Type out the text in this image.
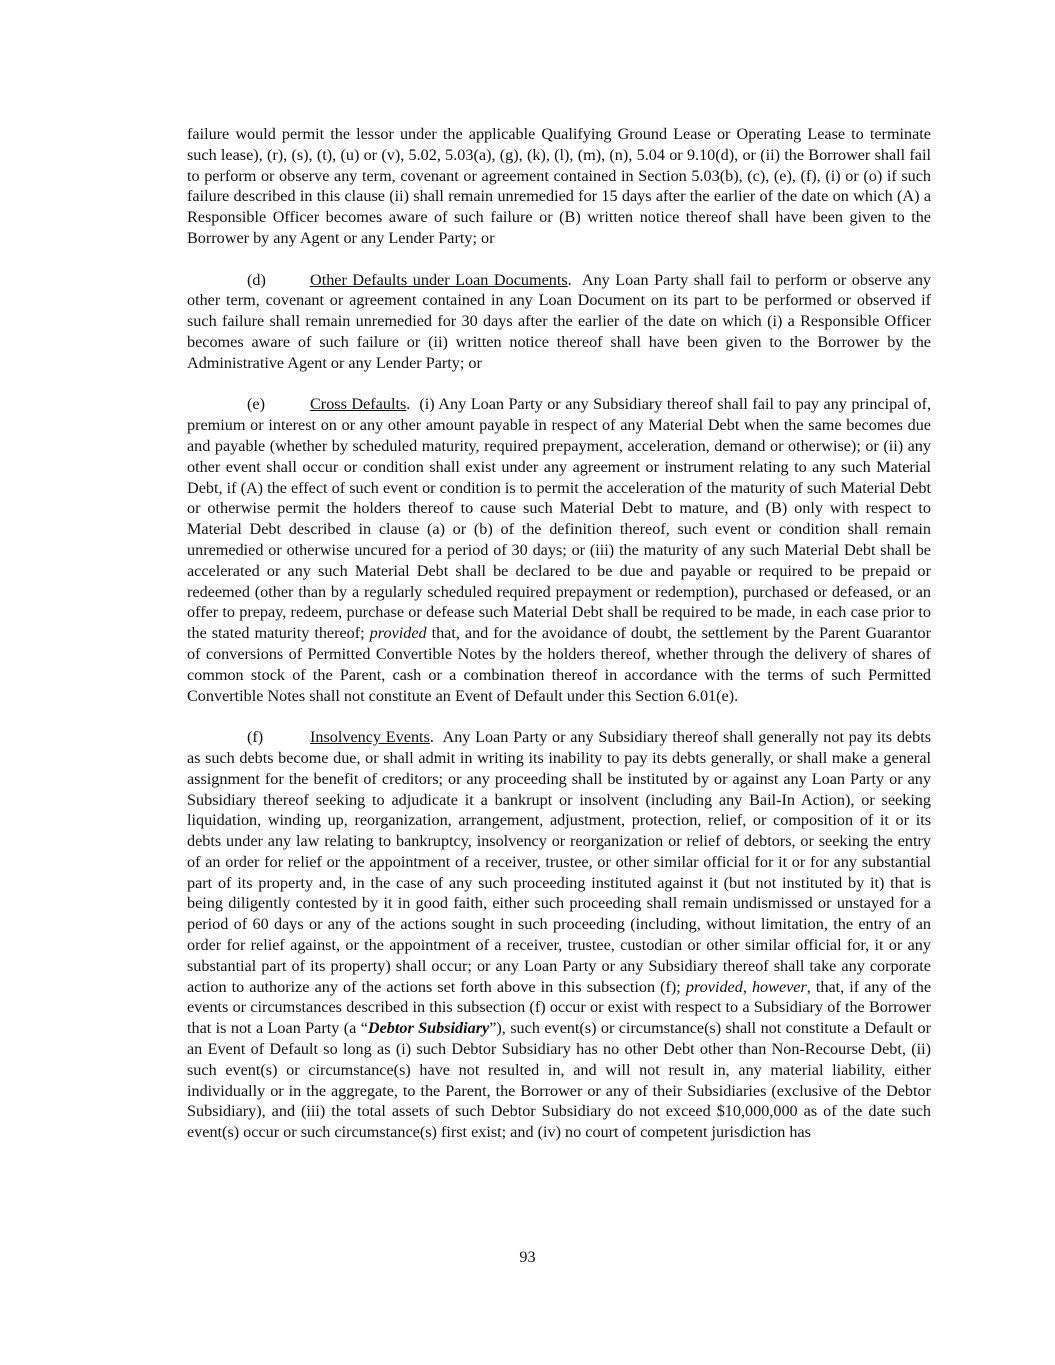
failure would permit the lessor under the applicable Qualifying Ground Lease or Operating Lease to terminate such lease), (r), (s), (t), (u) or (v), 5.02, 5.03(a), (g), (k), (l), (m), (n), 5.04 or 9.10(d), or (ii) the Borrower shall fail to perform or observe any term, covenant or agreement contained in Section 5.03(b), (c), (e), (f), (i) or (o) if such failure described in this clause (ii) shall remain unremedied for 15 days after the earlier of the date on which (A) a Responsible Officer becomes aware of such failure or (B) written notice thereof shall have been given to the Borrower by any Agent or any Lender Party; or

(d)	Other Defaults under Loan Documents.  Any Loan Party shall fail to perform or observe any other term, covenant or agreement contained in any Loan Document on its part to be performed or observed if such failure shall remain unremedied for 30 days after the earlier of the date on which (i) a Responsible Officer becomes aware of such failure or (ii) written notice thereof shall have been given to the Borrower by the Administrative Agent or any Lender Party; or

(e)	Cross Defaults.  (i) Any Loan Party or any Subsidiary thereof shall fail to pay any principal of, premium or interest on or any other amount payable in respect of any Material Debt when the same becomes due and payable (whether by scheduled maturity, required prepayment, acceleration, demand or otherwise); or (ii) any other event shall occur or condition shall exist under any agreement or instrument relating to any such Material Debt, if (A) the effect of such event or condition is to permit the acceleration of the maturity of such Material Debt or otherwise permit the holders thereof to cause such Material Debt to mature, and (B) only with respect to Material Debt described in clause (a) or (b) of the definition thereof, such event or condition shall remain unremedied or otherwise uncured for a period of 30 days; or (iii) the maturity of any such Material Debt shall be accelerated or any such Material Debt shall be declared to be due and payable or required to be prepaid or redeemed (other than by a regularly scheduled required prepayment or redemption), purchased or defeased, or an offer to prepay, redeem, purchase or defease such Material Debt shall be required to be made, in each case prior to the stated maturity thereof; provided that, and for the avoidance of doubt, the settlement by the Parent Guarantor of conversions of Permitted Convertible Notes by the holders thereof, whether through the delivery of shares of common stock of the Parent, cash or a combination thereof in accordance with the terms of such Permitted Convertible Notes shall not constitute an Event of Default under this Section 6.01(e).

(f)	Insolvency Events.  Any Loan Party or any Subsidiary thereof shall generally not pay its debts as such debts become due, or shall admit in writing its inability to pay its debts generally, or shall make a general assignment for the benefit of creditors; or any proceeding shall be instituted by or against any Loan Party or any Subsidiary thereof seeking to adjudicate it a bankrupt or insolvent (including any Bail-In Action), or seeking liquidation, winding up, reorganization, arrangement, adjustment, protection, relief, or composition of it or its debts under any law relating to bankruptcy, insolvency or reorganization or relief of debtors, or seeking the entry of an order for relief or the appointment of a receiver, trustee, or other similar official for it or for any substantial part of its property and, in the case of any such proceeding instituted against it (but not instituted by it) that is being diligently contested by it in good faith, either such proceeding shall remain undismissed or unstayed for a period of 60 days or any of the actions sought in such proceeding (including, without limitation, the entry of an order for relief against, or the appointment of a receiver, trustee, custodian or other similar official for, it or any substantial part of its property) shall occur; or any Loan Party or any Subsidiary thereof shall take any corporate action to authorize any of the actions set forth above in this subsection (f); provided, however, that, if any of the events or circumstances described in this subsection (f) occur or exist with respect to a Subsidiary of the Borrower that is not a Loan Party (a “Debtor Subsidiary”), such event(s) or circumstance(s) shall not constitute a Default or an Event of Default so long as (i) such Debtor Subsidiary has no other Debt other than Non-Recourse Debt, (ii) such event(s) or circumstance(s) have not resulted in, and will not result in, any material liability, either individually or in the aggregate, to the Parent, the Borrower or any of their Subsidiaries (exclusive of the Debtor Subsidiary), and (iii) the total assets of such Debtor Subsidiary do not exceed $10,000,000 as of the date such event(s) occur or such circumstance(s) first exist; and (iv) no court of competent jurisdiction has

93
